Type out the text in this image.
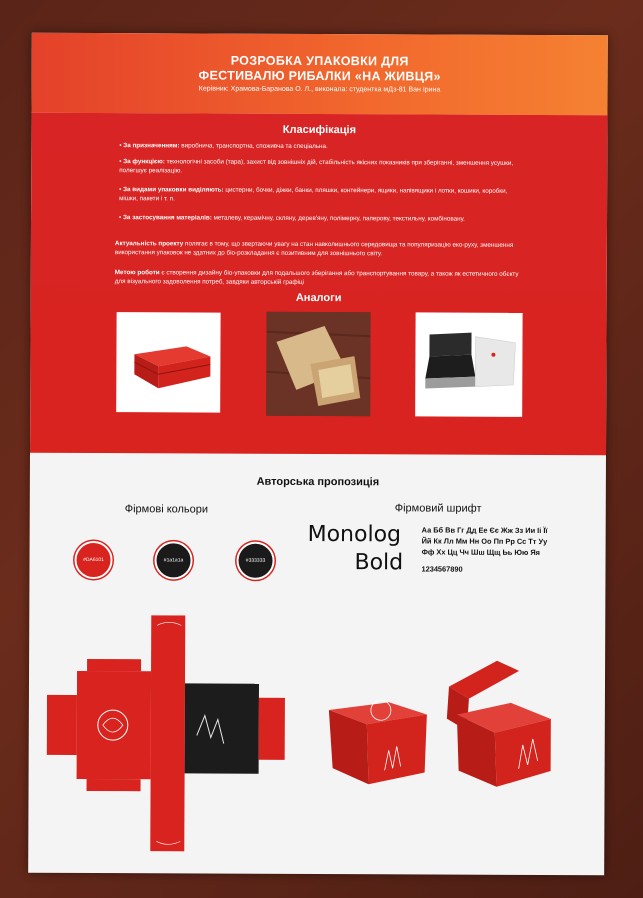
РОЗРОБКА УПАКОВКИ ДЛЯ
ФЕСТИВАЛЮ РИБАЛКИ «НА ЖИВЦЯ»
Керівник: Храмова-Баранова О. Л., виконала: студентка мДз-81 Ван Ірина
Класифікація
• За призначенням: виробнича, транспортна, споживча та спеціальна.
• За функцією: технологічні засоби (тара), захист від зовнішніх дій, стабільність якісних показників при зберіганні, зменшення усушки, полегшує реалізацію.
• За видами упаковки виділяють: цистерни, бочки, діжки, банки, пляшки, контейнери, ящики, напівящики і лотки, кошики, коробки, мішки, пакети і т. п.
• За застосування матеріалів: металеву, керамічну, скляну, дерев'яну, полімерну, паперову, текстильну, комбіновану.
Актуальність проекту полягає в тому, що звертаючи увагу на стан навколишнього середовища та популяризацію еко-руху, зменшення використання упаковок не здатних до біо-розкладання є позитивним для зовнішнього світу.
Метою роботи є створення дизайну біо-упаковки для подальшого зберігання або транспортування товару, а також як естетичного обєкту для візуального задоволення потреб, завдяки авторській графіці
Аналоги
Авторська пропозиція
Фірмові кольори	Фірмовий шрифт
#DA6101	#1a1a1a	#333333
Monolog
Bold
Аа Бб Вв Гг Дд Ее Єє Жж Зз Ии Іі Її
Йй Кк Лл Мм Нн Оо Пп Рр Сс Тт Уу
Фф Хх Цц Чч Шш Щщ Ьь Юю Яя
1234567890
